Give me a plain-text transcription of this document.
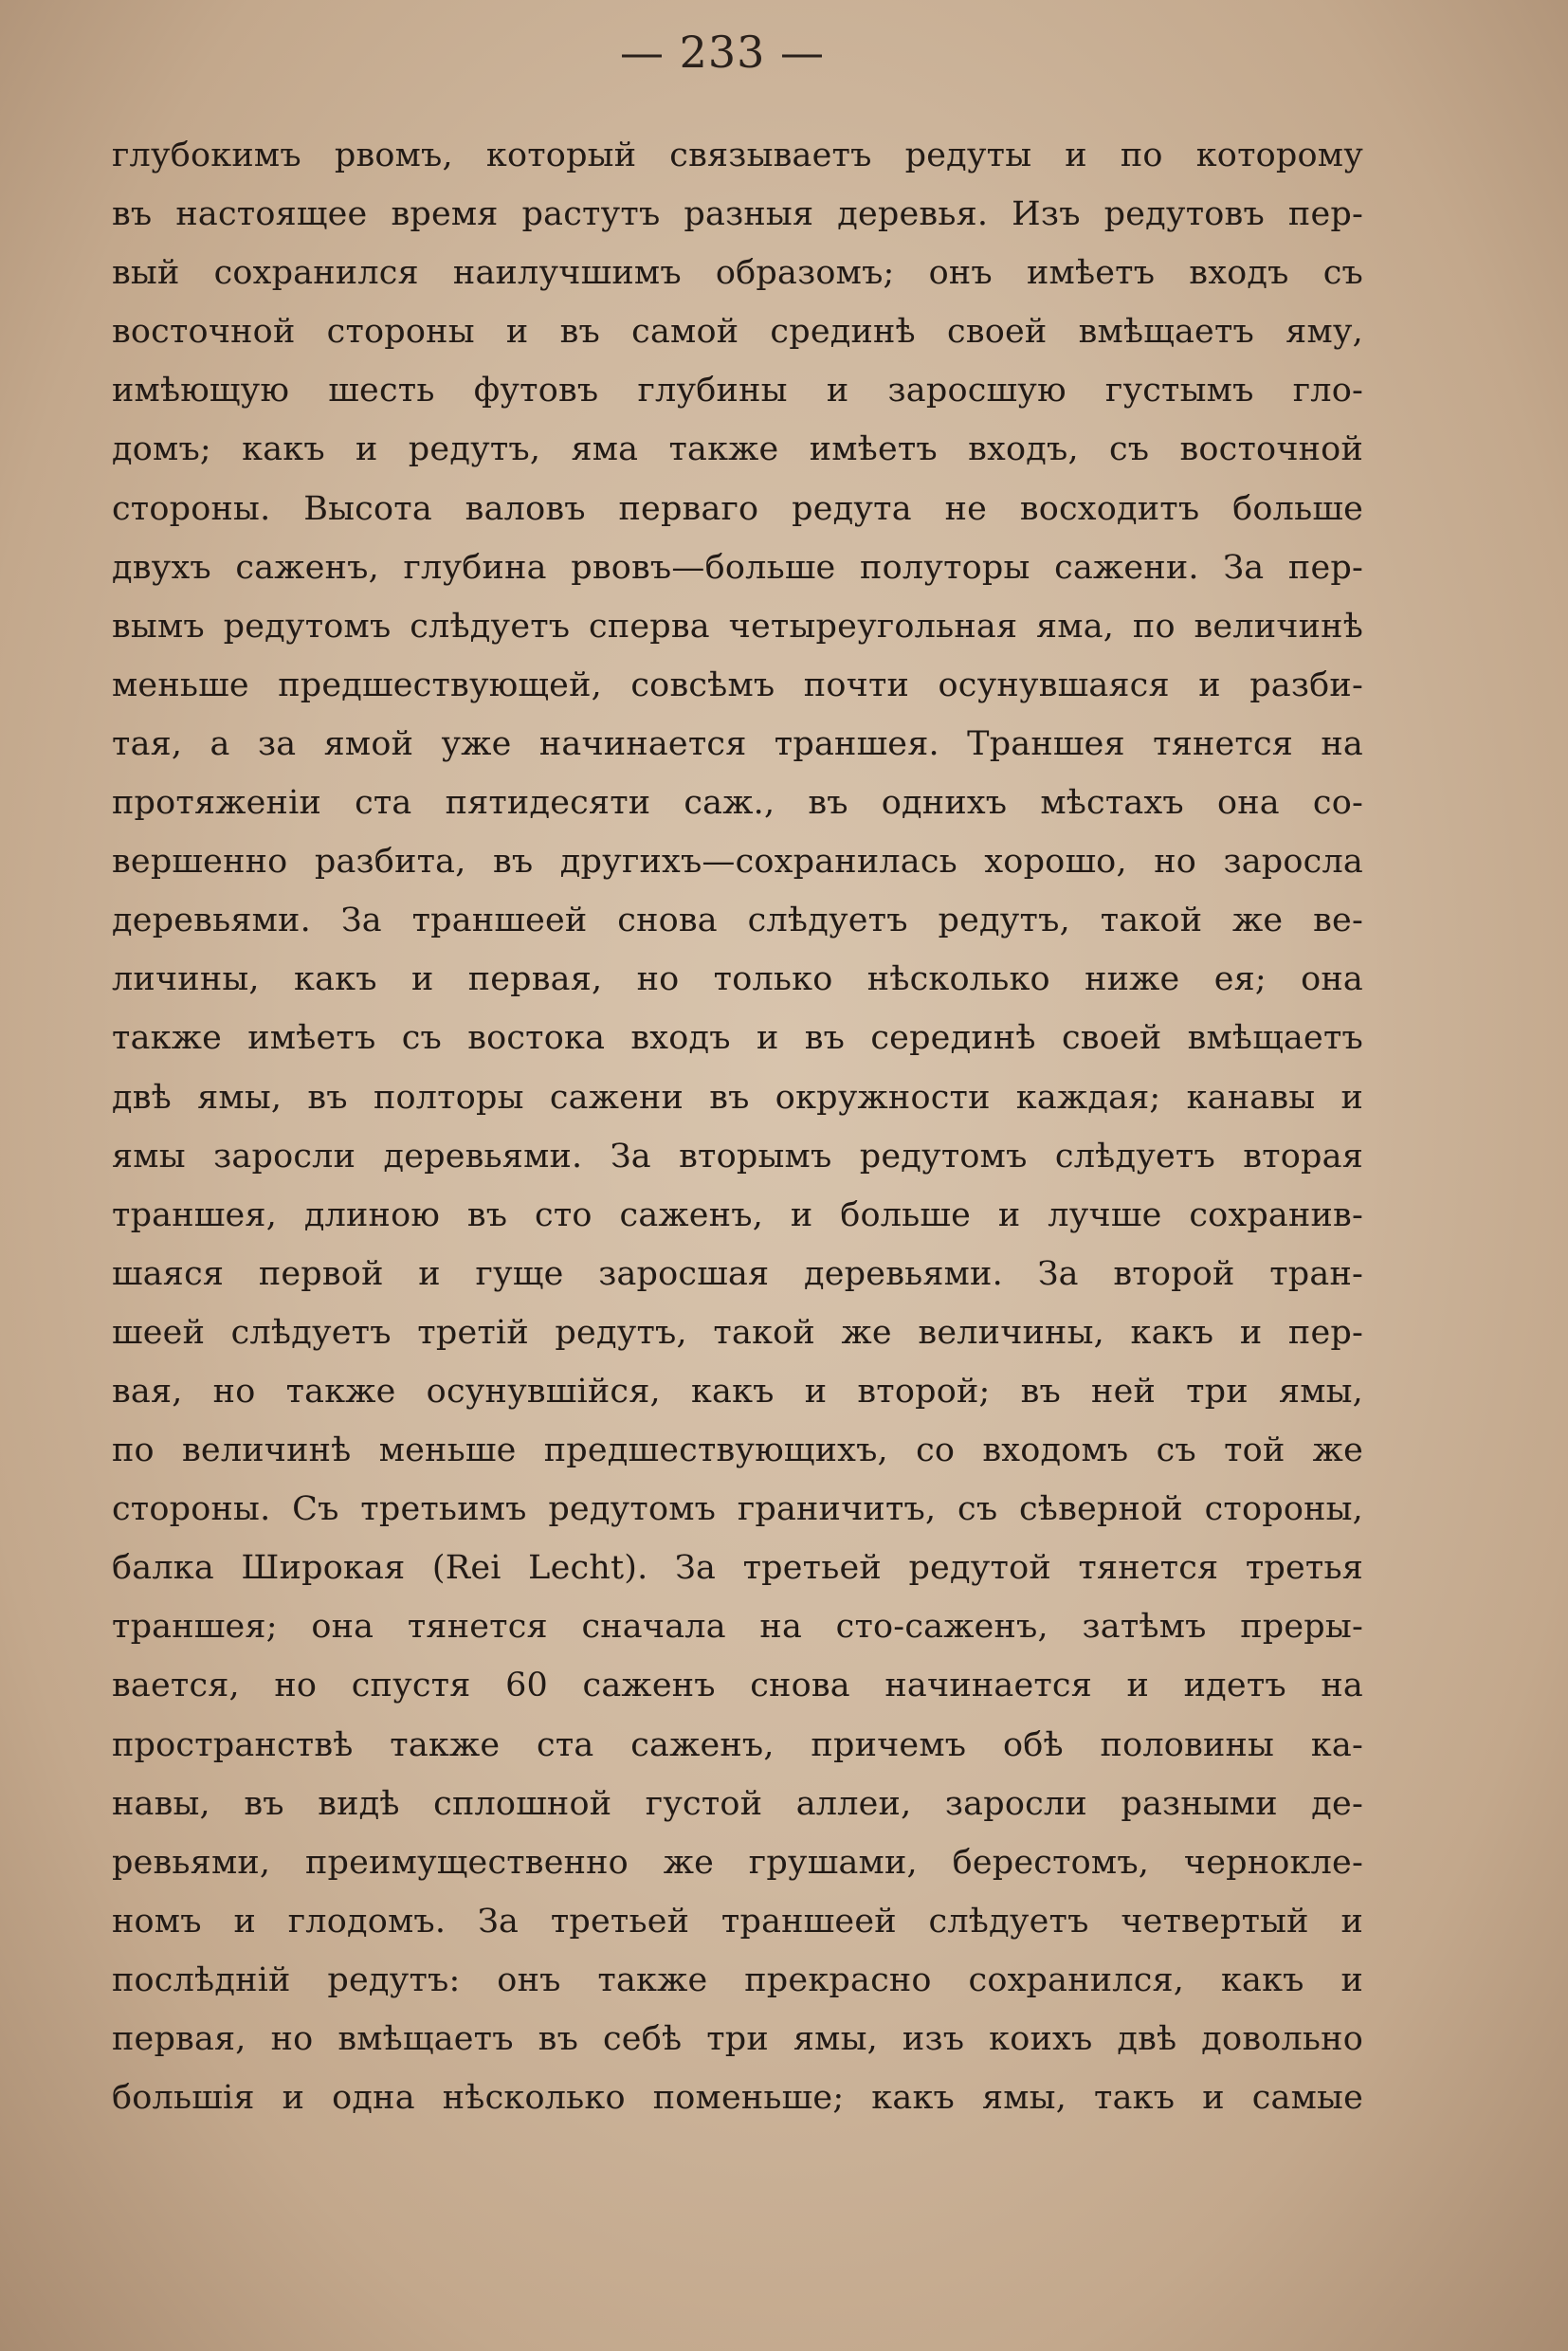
— 233 —
глубокимъ рвомъ, который связываетъ редуты и по которому
въ настоящее время растутъ разныя деревья. Изъ редутовъ пер-
вый сохранился наилучшимъ образомъ; онъ имѣетъ входъ съ
восточной стороны и въ самой срединѣ своей вмѣщаетъ яму,
имѣющую шесть футовъ глубины и заросшую густымъ гло-
домъ; какъ и редутъ, яма также имѣетъ входъ, съ восточной
стороны. Высота валовъ перваго редута не восходитъ больше
двухъ саженъ, глубина рвовъ—больше полуторы сажени. За пер-
вымъ редутомъ слѣдуетъ сперва четыреугольная яма, по величинѣ
меньше предшествующей, совсѣмъ почти осунувшаяся и разби-
тая, а за ямой уже начинается траншея. Траншея тянется на
протяженіи ста пятидесяти саж., въ однихъ мѣстахъ она со-
вершенно разбита, въ другихъ—сохранилась хорошо, но заросла
деревьями. За траншеей снова слѣдуетъ редутъ, такой же ве-
личины, какъ и первая, но только нѣсколько ниже ея; она
также имѣетъ съ востока входъ и въ серединѣ своей вмѣщаетъ
двѣ ямы, въ полторы сажени въ окружности каждая; канавы и
ямы заросли деревьями. За вторымъ редутомъ слѣдуетъ вторая
траншея, длиною въ сто саженъ, и больше и лучше сохранив-
шаяся первой и гуще заросшая деревьями. За второй тран-
шеей слѣдуетъ третій редутъ, такой же величины, какъ и пер-
вая, но также осунувшійся, какъ и второй; въ ней три ямы,
по величинѣ меньше предшествующихъ, со входомъ съ той же
стороны. Съ третьимъ редутомъ граничитъ, съ сѣверной стороны,
балка Широкая (Rei Lecht). За третьей редутой тянется третья
траншея; она тянется сначала на сто-саженъ, затѣмъ преры-
вается, но спустя 60 саженъ снова начинается и идетъ на
пространствѣ также ста саженъ, причемъ обѣ половины ка-
навы, въ видѣ сплошной густой аллеи, заросли разными де-
ревьями, преимущественно же грушами, берестомъ, черноклe-
номъ и глодомъ. За третьей траншеей слѣдуетъ четвертый и
послѣдній редутъ: онъ также прекрасно сохранился, какъ и
первая, но вмѣщаетъ въ себѣ три ямы, изъ коихъ двѣ довольно
большія и одна нѣсколько поменьше; какъ ямы, такъ и самые
